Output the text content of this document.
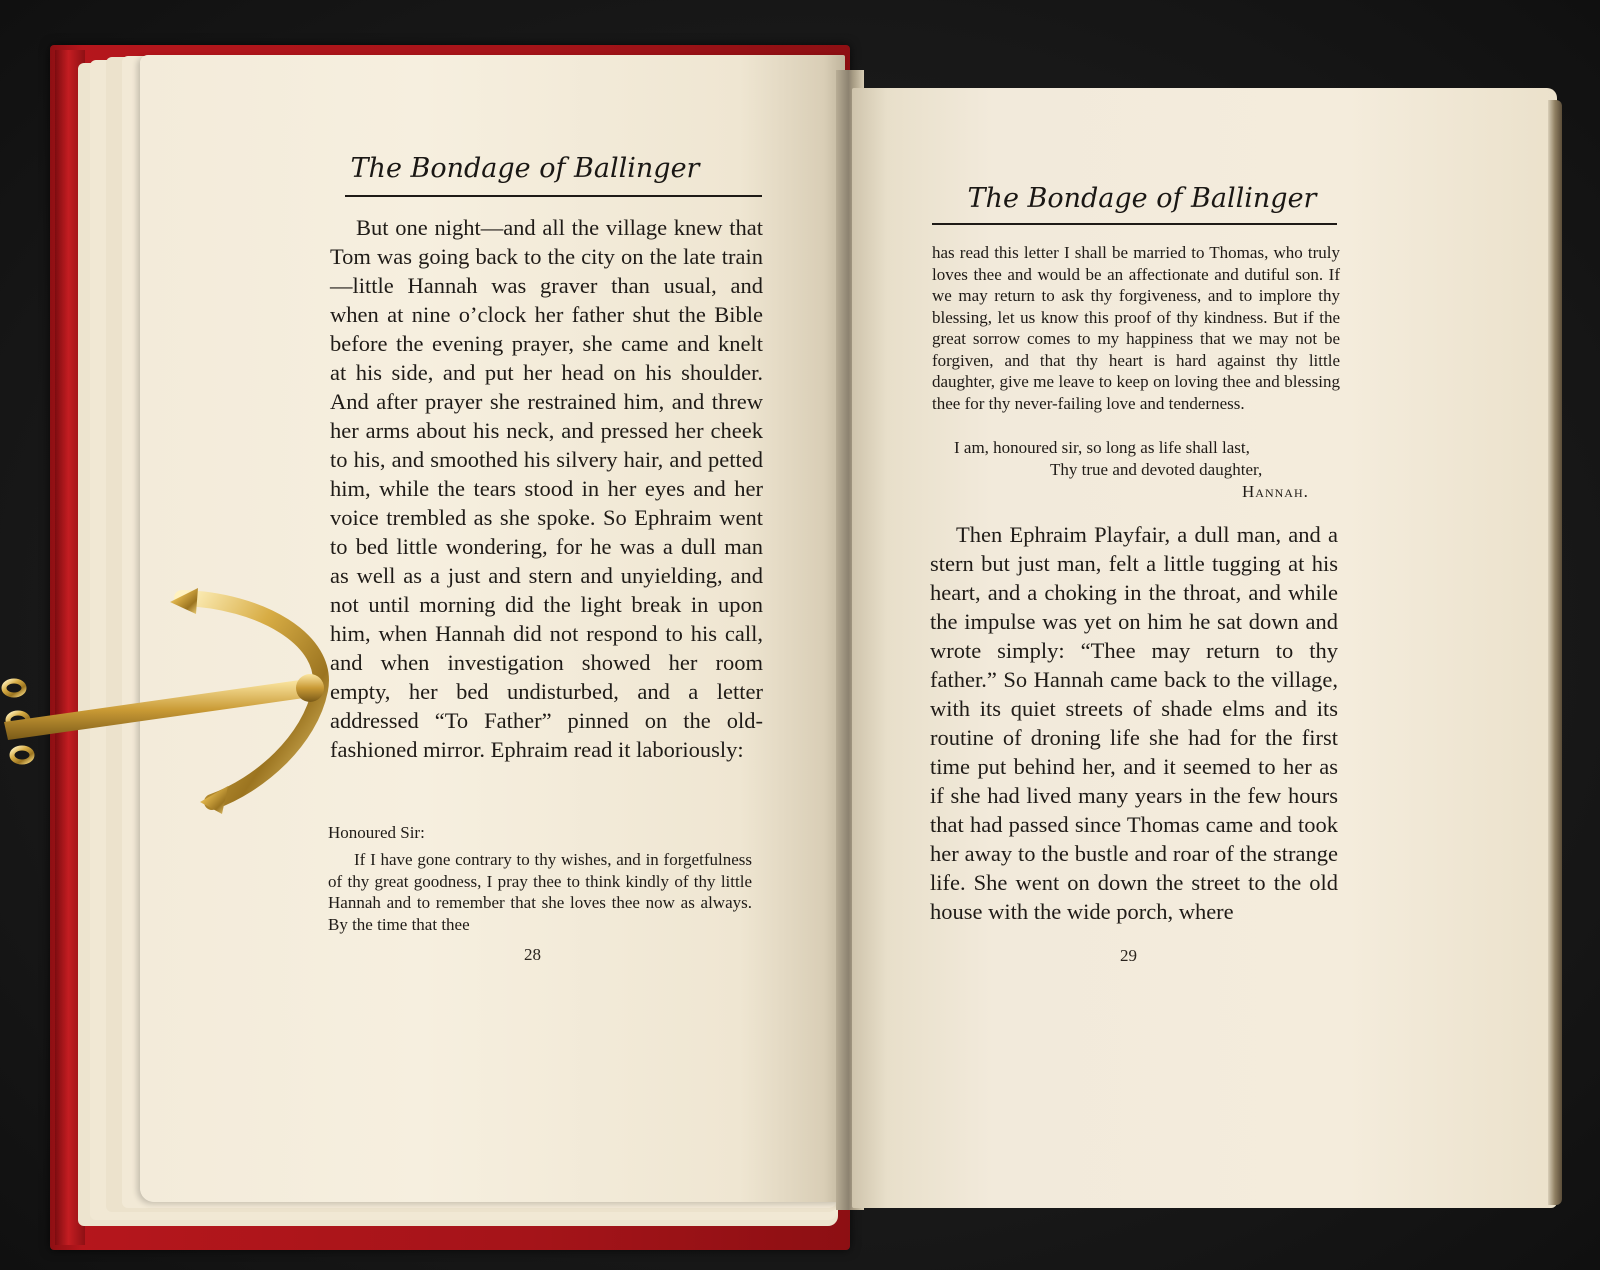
The Bondage of Ballinger

But one night—and all the village knew that Tom was going back to the city on the late train—little Hannah was graver than usual, and when at nine o’clock her father shut the Bible before the evening prayer, she came and knelt at his side, and put her head on his shoulder. And after prayer she restrained him, and threw her arms about his neck, and pressed her cheek to his, and smoothed his silvery hair, and petted him, while the tears stood in her eyes and her voice trembled as she spoke. So Ephraim went to bed little wondering, for he was a dull man as well as a just and stern and unyielding, and not until morning did the light break in upon him, when Hannah did not respond to his call, and when investigation showed her room empty, her bed undisturbed, and a letter addressed “To Father” pinned on the old-fashioned mirror. Ephraim read it laboriously:

Honoured Sir:

If I have gone contrary to thy wishes, and in forgetfulness of thy great goodness, I pray thee to think kindly of thy little Hannah and to remember that she loves thee now as always. By the time that thee

28
The Bondage of Ballinger

has read this letter I shall be married to Thomas, who truly loves thee and would be an affectionate and dutiful son. If we may return to ask thy forgiveness, and to implore thy blessing, let us know this proof of thy kindness. But if the great sorrow comes to my happiness that we may not be forgiven, and that thy heart is hard against thy little daughter, give me leave to keep on loving thee and blessing thee for thy never-failing love and tenderness.

I am, honoured sir, so long as life shall last,
Thy true and devoted daughter,
Hannah.

Then Ephraim Playfair, a dull man, and a stern but just man, felt a little tugging at his heart, and a choking in the throat, and while the impulse was yet on him he sat down and wrote simply: “Thee may return to thy father.” So Hannah came back to the village, with its quiet streets of shade elms and its routine of droning life she had for the first time put behind her, and it seemed to her as if she had lived many years in the few hours that had passed since Thomas came and took her away to the bustle and roar of the strange life. She went on down the street to the old house with the wide porch, where

29
